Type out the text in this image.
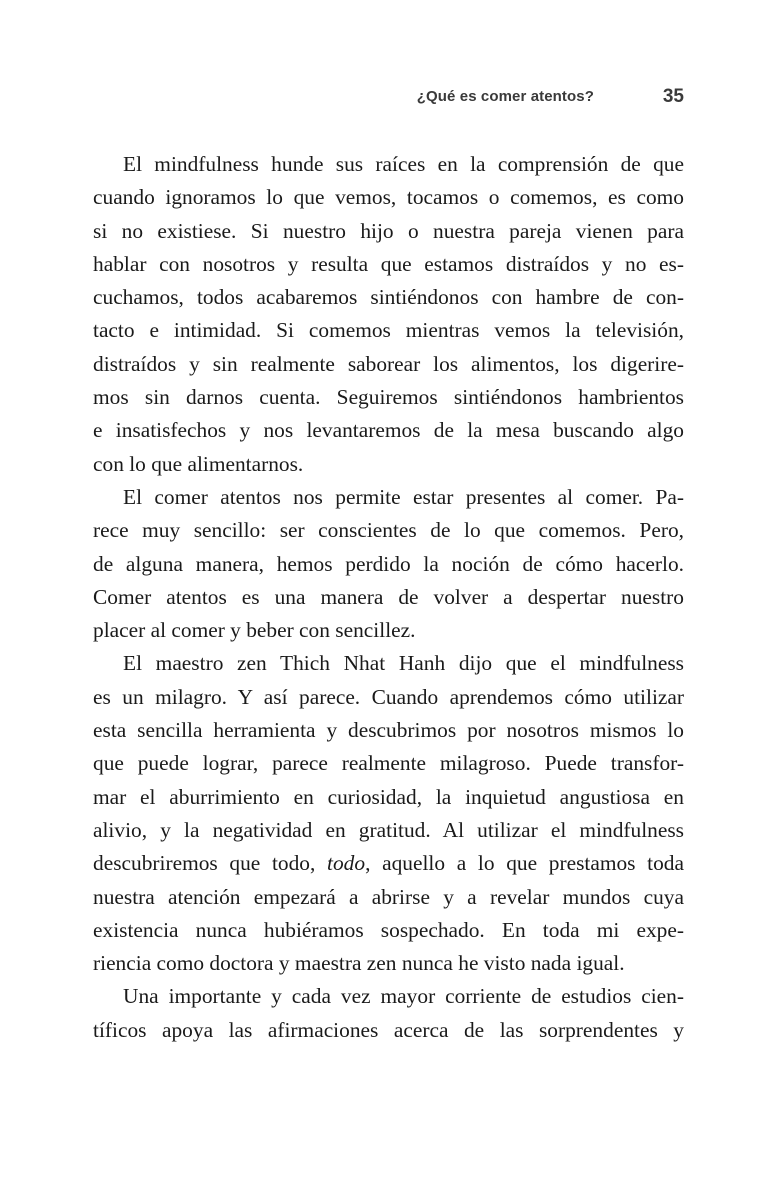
¿Qué es comer atentos?	35
El mindfulness hunde sus raíces en la comprensión de que
cuando ignoramos lo que vemos, tocamos o comemos, es como
si no existiese. Si nuestro hijo o nuestra pareja vienen para
hablar con nosotros y resulta que estamos distraídos y no es-
cuchamos, todos acabaremos sintiéndonos con hambre de con-
tacto e intimidad. Si comemos mientras vemos la televisión,
distraídos y sin realmente saborear los alimentos, los digerire-
mos sin darnos cuenta. Seguiremos sintiéndonos hambrientos
e insatisfechos y nos levantaremos de la mesa buscando algo
con lo que alimentarnos.
El comer atentos nos permite estar presentes al comer. Pa-
rece muy sencillo: ser conscientes de lo que comemos. Pero,
de alguna manera, hemos perdido la noción de cómo hacerlo.
Comer atentos es una manera de volver a despertar nuestro
placer al comer y beber con sencillez.
El maestro zen Thich Nhat Hanh dijo que el mindfulness
es un milagro. Y así parece. Cuando aprendemos cómo utilizar
esta sencilla herramienta y descubrimos por nosotros mismos lo
que puede lograr, parece realmente milagroso. Puede transfor-
mar el aburrimiento en curiosidad, la inquietud angustiosa en
alivio, y la negatividad en gratitud. Al utilizar el mindfulness
descubriremos que todo, todo, aquello a lo que prestamos toda
nuestra atención empezará a abrirse y a revelar mundos cuya
existencia nunca hubiéramos sospechado. En toda mi expe-
riencia como doctora y maestra zen nunca he visto nada igual.
Una importante y cada vez mayor corriente de estudios cien-
tíficos apoya las afirmaciones acerca de las sorprendentes y
